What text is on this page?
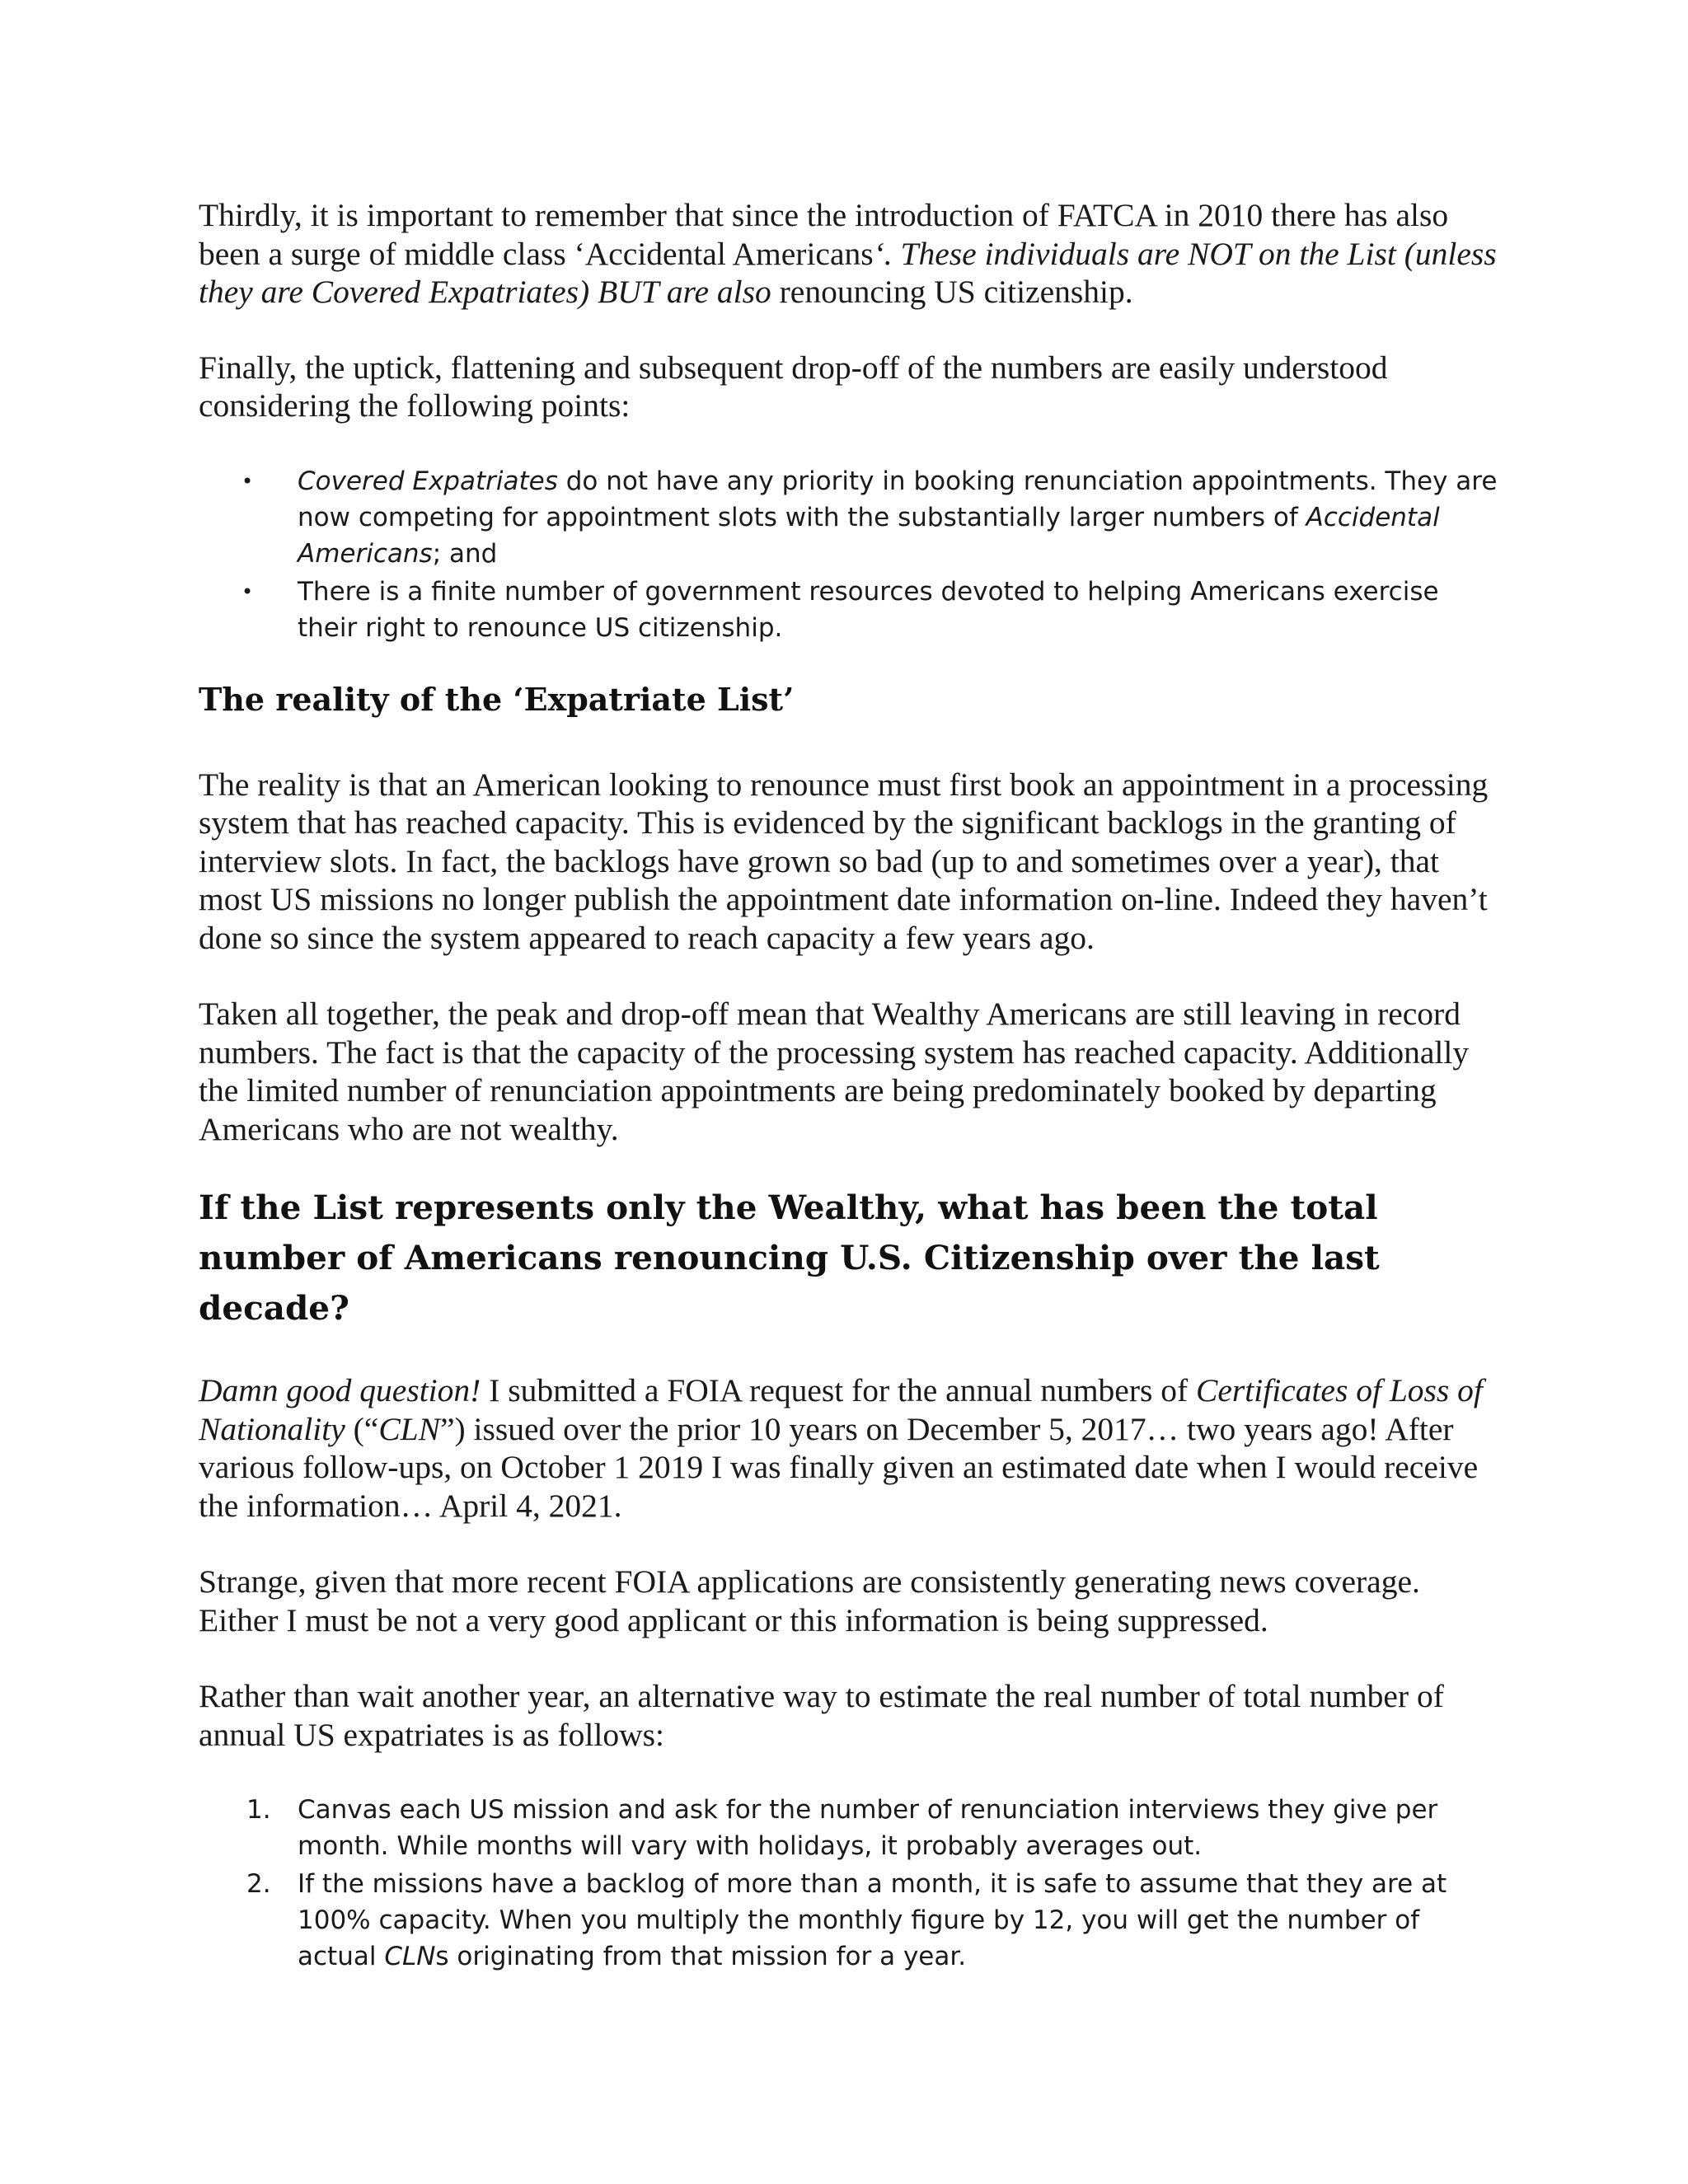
Thirdly, it is important to remember that since the introduction of FATCA in 2010 there has also been a surge of middle class ‘Accidental Americans‘. These individuals are NOT on the List (unless they are Covered Expatriates) BUT are also renouncing US citizenship.

Finally, the uptick, flattening and subsequent drop-off of the numbers are easily understood considering the following points:

• Covered Expatriates do not have any priority in booking renunciation appointments. They are now competing for appointment slots with the substantially larger numbers of Accidental Americans; and
• There is a finite number of government resources devoted to helping Americans exercise their right to renounce US citizenship.
The reality of the ‘Expatriate List’

The reality is that an American looking to renounce must first book an appointment in a processing system that has reached capacity. This is evidenced by the significant backlogs in the granting of interview slots. In fact, the backlogs have grown so bad (up to and sometimes over a year), that most US missions no longer publish the appointment date information on-line. Indeed they haven’t done so since the system appeared to reach capacity a few years ago.

Taken all together, the peak and drop-off mean that Wealthy Americans are still leaving in record numbers. The fact is that the capacity of the processing system has reached capacity. Additionally the limited number of renunciation appointments are being predominately booked by departing Americans who are not wealthy.

If the List represents only the Wealthy, what has been the total number of Americans renouncing U.S. Citizenship over the last decade?

Damn good question! I submitted a FOIA request for the annual numbers of Certificates of Loss of Nationality (“CLN”) issued over the prior 10 years on December 5, 2017… two years ago! After various follow-ups, on October 1 2019 I was finally given an estimated date when I would receive the information… April 4, 2021.

Strange, given that more recent FOIA applications are consistently generating news coverage. Either I must be not a very good applicant or this information is being suppressed.

Rather than wait another year, an alternative way to estimate the real number of total number of annual US expatriates is as follows:

1. Canvas each US mission and ask for the number of renunciation interviews they give per month. While months will vary with holidays, it probably averages out.
2. If the missions have a backlog of more than a month, it is safe to assume that they are at 100% capacity. When you multiply the monthly figure by 12, you will get the number of actual CLNs originating from that mission for a year.
